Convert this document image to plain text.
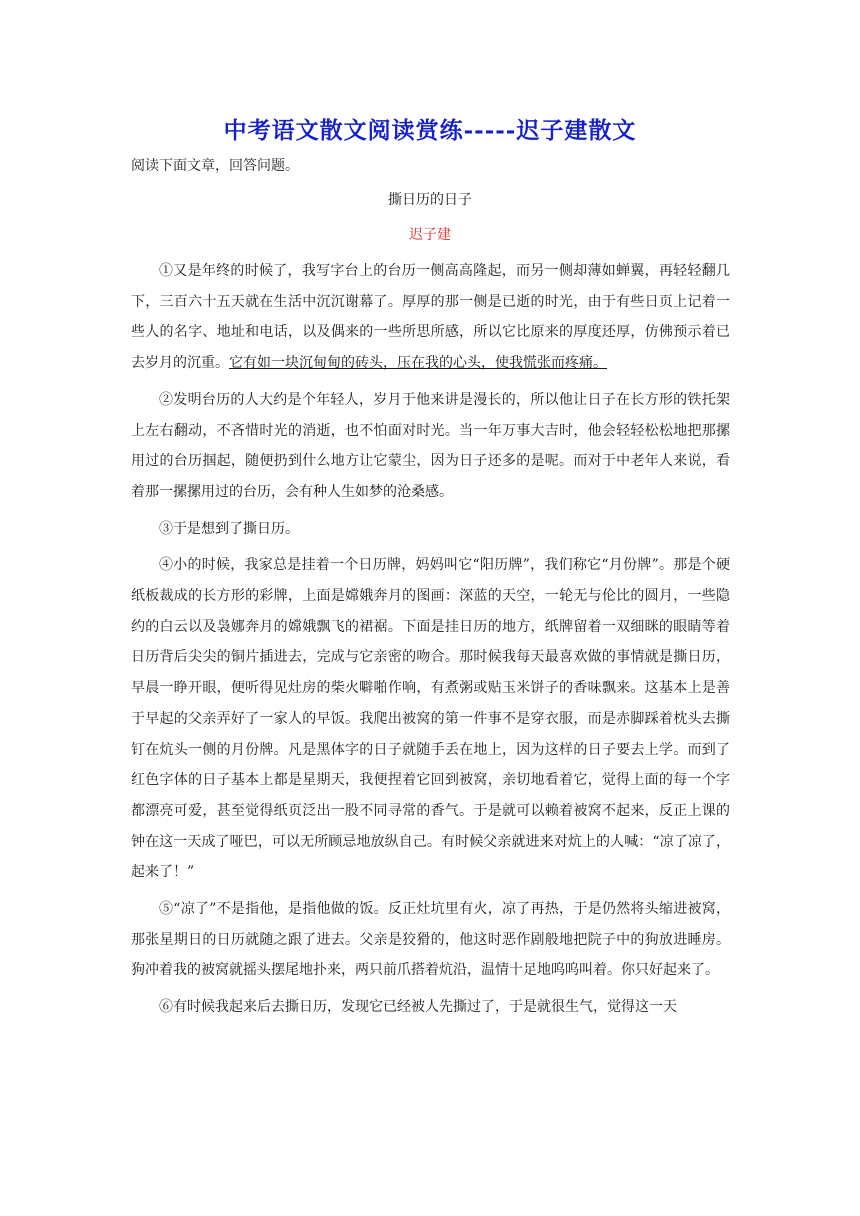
中考语文散文阅读赏练-----迟子建散文

阅读下面文章，回答问题。

撕日历的日子

迟子建

①又是年终的时候了，我写字台上的台历一侧高高隆起，而另一侧却薄如蝉翼，再轻轻翻几下，三百六十五天就在生活中沉沉谢幕了。厚厚的那一侧是已逝的时光，由于有些日页上记着一些人的名字、地址和电话，以及偶来的一些所思所感，所以它比原来的厚度还厚，仿佛预示着已去岁月的沉重。它有如一块沉甸甸的砖头，压在我的心头，使我慌张而疼痛。

②发明台历的人大约是个年轻人，岁月于他来讲是漫长的，所以他让日子在长方形的铁托架上左右翻动，不吝惜时光的消逝，也不怕面对时光。当一年万事大吉时，他会轻轻松松地把那摞用过的台历掴起，随便扔到什么地方让它蒙尘，因为日子还多的是呢。而对于中老年人来说，看着那一摞摞用过的台历，会有种人生如梦的沧桑感。

③于是想到了撕日历。

④小的时候，我家总是挂着一个日历牌，妈妈叫它“阳历牌”，我们称它“月份牌”。那是个硬纸板裁成的长方形的彩牌，上面是嫦娥奔月的图画：深蓝的天空，一轮无与伦比的圆月，一些隐约的白云以及袅娜奔月的嫦娥飘飞的裙裾。下面是挂日历的地方，纸牌留着一双细眯的眼睛等着日历背后尖尖的铜片插进去，完成与它亲密的吻合。那时候我每天最喜欢做的事情就是撕日历，早晨一睁开眼，便听得见灶房的柴火噼啪作响，有煮粥或贴玉米饼子的香味飘来。这基本上是善于早起的父亲弄好了一家人的早饭。我爬出被窝的第一件事不是穿衣服，而是赤脚踩着枕头去撕钉在炕头一侧的月份牌。凡是黑体字的日子就随手丢在地上，因为这样的日子要去上学。而到了红色字体的日子基本上都是星期天，我便捏着它回到被窝，亲切地看着它，觉得上面的每一个字都漂亮可爱，甚至觉得纸页泛出一股不同寻常的香气。于是就可以赖着被窝不起来，反正上课的钟在这一天成了哑巴，可以无所顾忌地放纵自己。有时候父亲就进来对炕上的人喊：“凉了凉了，起来了！”

⑤“凉了”不是指他，是指他做的饭。反正灶坑里有火，凉了再热，于是仍然将头缩进被窝，那张星期日的日历就随之跟了进去。父亲是狡猾的，他这时恶作剧般地把院子中的狗放进睡房。狗冲着我的被窝就摇头摆尾地扑来，两只前爪搭着炕沿，温情十足地呜呜叫着。你只好起来了。

⑥有时候我起来后去撕日历，发现它已经被人先撕过了，于是就很生气，觉得这一天
